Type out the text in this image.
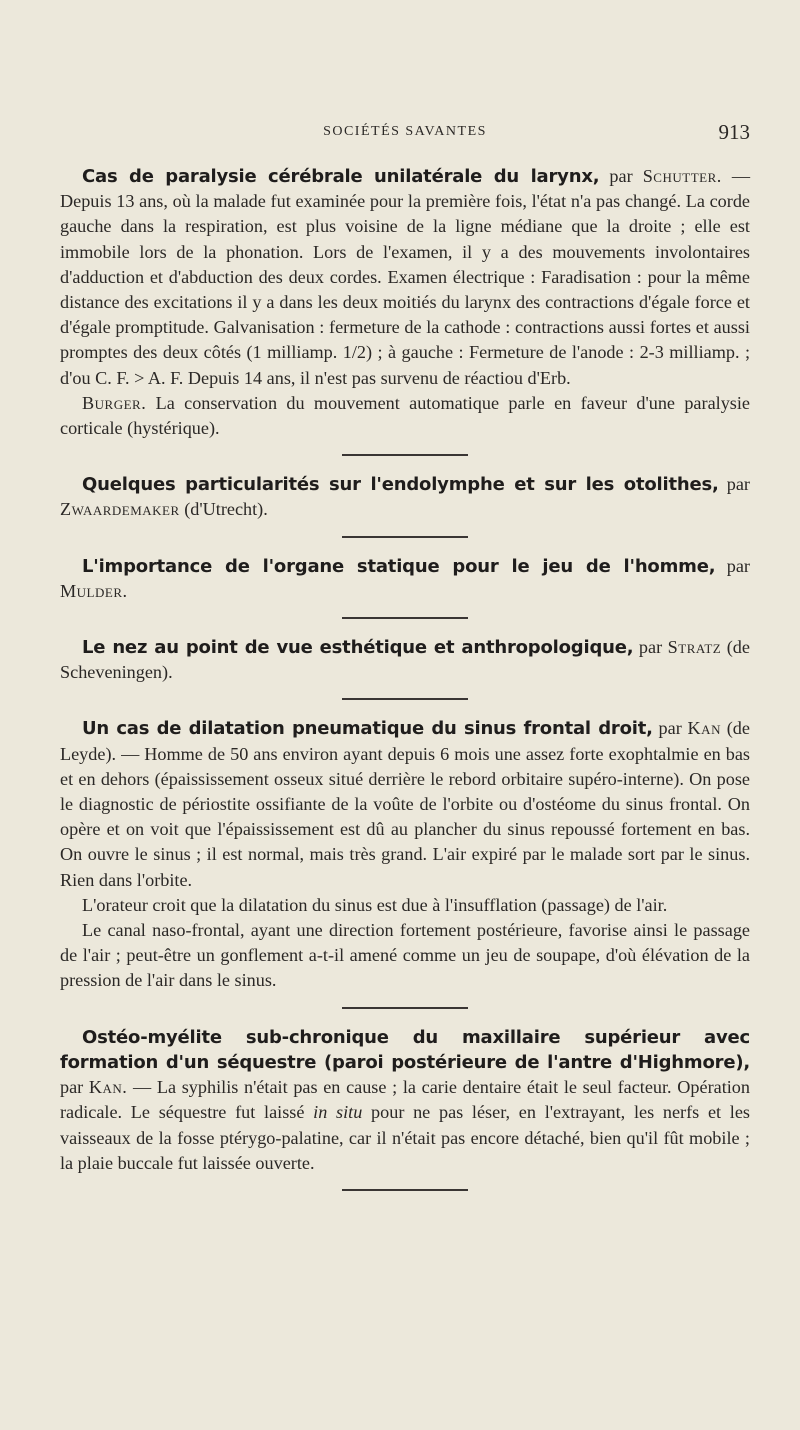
SOCIÉTÉS SAVANTES	913

Cas de paralysie cérébrale unilatérale du larynx, par Schutter. — Depuis 13 ans, où la malade fut examinée pour la première fois, l'état n'a pas changé. La corde gauche dans la respiration, est plus voisine de la ligne médiane que la droite ; elle est immobile lors de la phonation. Lors de l'examen, il y a des mouvements involontaires d'adduction et d'abduction des deux cordes. Examen électrique : Faradisation : pour la même distance des excitations il y a dans les deux moitiés du larynx des contractions d'égale force et d'égale promptitude. Galvanisation : fermeture de la cathode : contractions aussi fortes et aussi promptes des deux côtés (1 milliamp. 1/2) ; à gauche : Fermeture de l'anode : 2-3 milliamp. ; d'ou C. F. > A. F. Depuis 14 ans, il n'est pas survenu de réactiou d'Erb.

Burger. La conservation du mouvement automatique parle en faveur d'une paralysie corticale (hystérique).

Quelques particularités sur l'endolymphe et sur les otolithes, par Zwaardemaker (d'Utrecht).

L'importance de l'organe statique pour le jeu de l'homme, par Mulder.

Le nez au point de vue esthétique et anthropologique, par Stratz (de Scheveningen).

Un cas de dilatation pneumatique du sinus frontal droit, par Kan (de Leyde). — Homme de 50 ans environ ayant depuis 6 mois une assez forte exophtalmie en bas et en dehors (épaississement osseux situé derrière le rebord orbitaire supéro-interne). On pose le diagnostic de périostite ossifiante de la voûte de l'orbite ou d'ostéome du sinus frontal. On opère et on voit que l'épaississement est dû au plancher du sinus repoussé fortement en bas. On ouvre le sinus ; il est normal, mais très grand. L'air expiré par le malade sort par le sinus. Rien dans l'orbite.

L'orateur croit que la dilatation du sinus est due à l'insufflation (passage) de l'air.

Le canal naso-frontal, ayant une direction fortement postérieure, favorise ainsi le passage de l'air ; peut-être un gonflement a-t-il amené comme un jeu de soupape, d'où élévation de la pression de l'air dans le sinus.

Ostéo-myélite sub-chronique du maxillaire supérieur avec formation d'un séquestre (paroi postérieure de l'antre d'Highmore), par Kan. — La syphilis n'était pas en cause ; la carie dentaire était le seul facteur. Opération radicale. Le séquestre fut laissé in situ pour ne pas léser, en l'extrayant, les nerfs et les vaisseaux de la fosse ptérygo-palatine, car il n'était pas encore détaché, bien qu'il fût mobile ; la plaie buccale fut laissée ouverte.
